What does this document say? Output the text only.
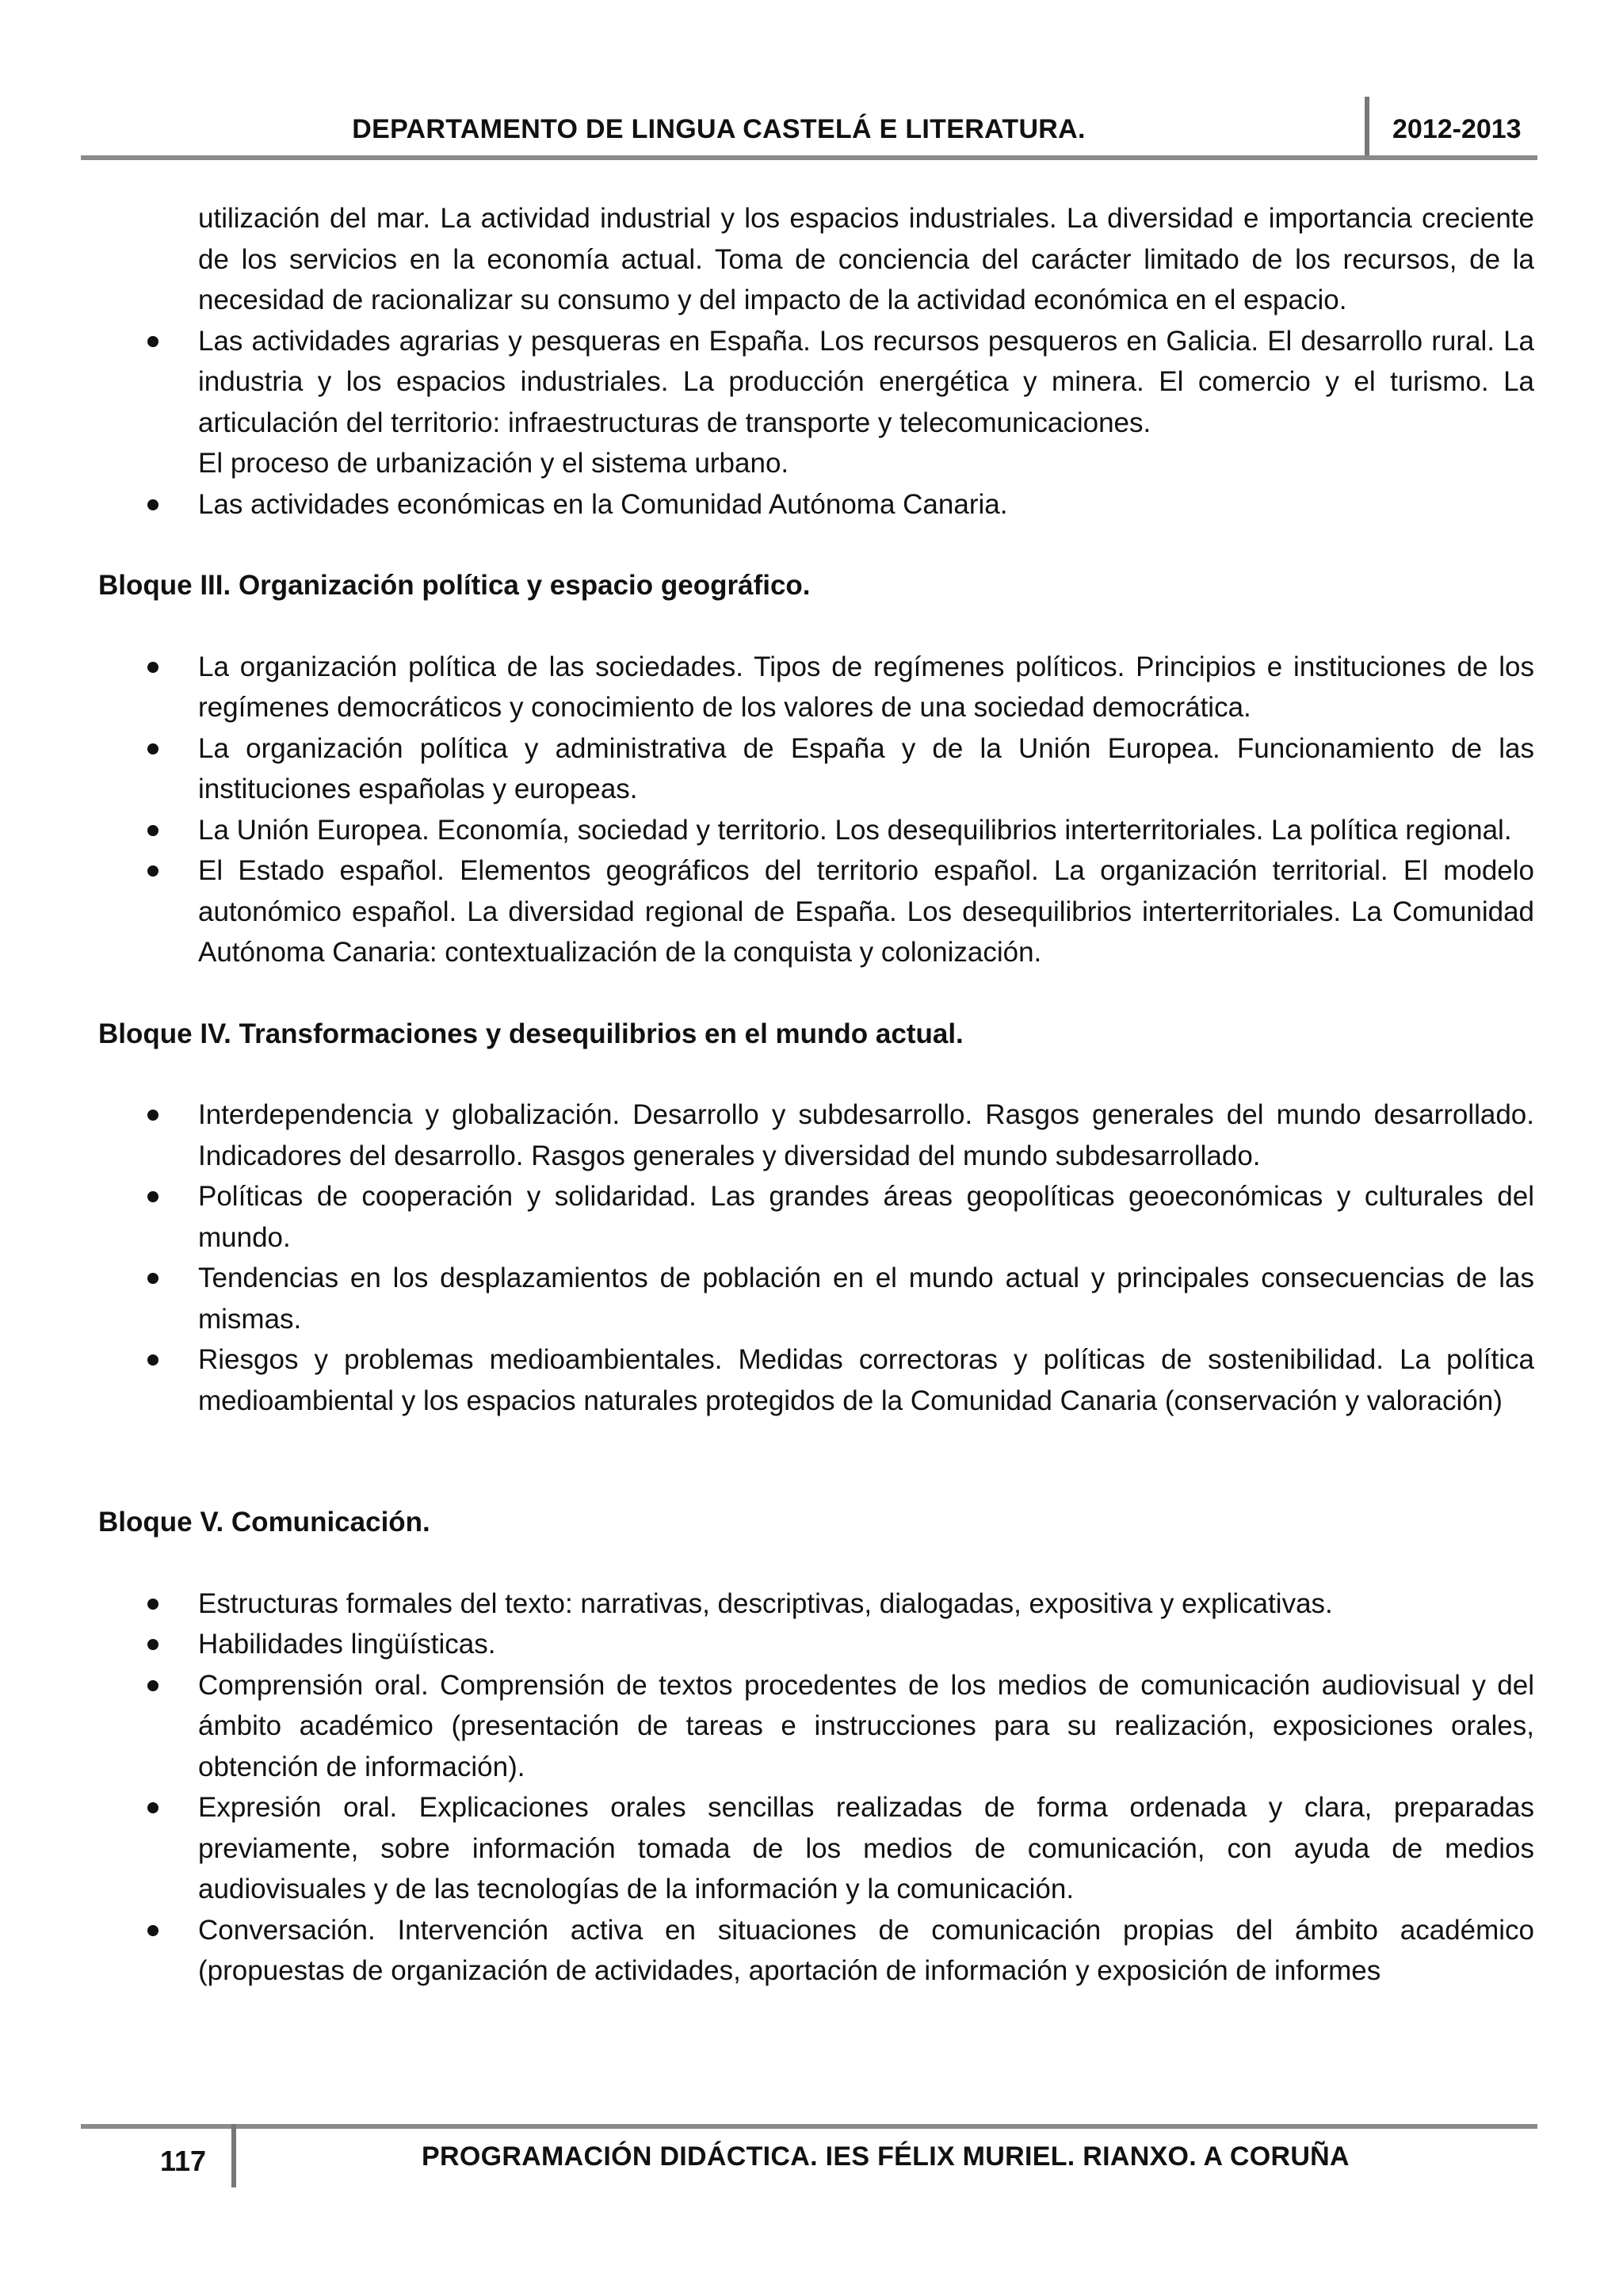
DEPARTAMENTO DE LINGUA CASTELÁ E LITERATURA.	2012-2013
utilización del mar. La actividad industrial y los espacios industriales. La diversidad e importancia creciente de los servicios en la economía actual. Toma de conciencia del carácter limitado de los recursos, de la necesidad de racionalizar su consumo y del impacto de la actividad económica en el espacio.
Las actividades agrarias y pesqueras en España. Los recursos pesqueros en Galicia. El desarrollo rural. La industria y los espacios industriales. La producción energética y minera. El comercio y el turismo. La articulación del territorio: infraestructuras de transporte y telecomunicaciones.
El proceso de urbanización y el sistema urbano.
Las actividades económicas en la Comunidad Autónoma Canaria.
Bloque III. Organización política y espacio geográfico.
La organización política de las sociedades. Tipos de regímenes políticos. Principios e instituciones de los regímenes democráticos y conocimiento de los valores de una sociedad democrática.
La organización política y administrativa de España y de la Unión Europea. Funcionamiento de las instituciones españolas y europeas.
La Unión Europea. Economía, sociedad y territorio. Los desequilibrios interterritoriales. La política regional.
El Estado español. Elementos geográficos del territorio español. La organización territorial. El modelo autonómico español. La diversidad regional de España. Los desequilibrios interterritoriales. La Comunidad Autónoma Canaria: contextualización de la conquista y colonización.
Bloque IV. Transformaciones y desequilibrios en el mundo actual.
Interdependencia y globalización. Desarrollo y subdesarrollo. Rasgos generales del mundo desarrollado. Indicadores del desarrollo. Rasgos generales y diversidad del mundo subdesarrollado.
Políticas de cooperación y solidaridad. Las grandes áreas geopolíticas geoeconómicas y culturales del mundo.
Tendencias en los desplazamientos de población en el mundo actual y principales consecuencias de las mismas.
Riesgos y problemas medioambientales. Medidas correctoras y políticas de sostenibilidad. La política medioambiental y los espacios naturales protegidos de la Comunidad Canaria (conservación y valoración)
Bloque V. Comunicación.
Estructuras formales del texto: narrativas, descriptivas, dialogadas, expositiva y explicativas.
Habilidades lingüísticas.
Comprensión oral. Comprensión de textos procedentes de los medios de comunicación audiovisual y del ámbito académico (presentación de tareas e instrucciones para su realización, exposiciones orales, obtención de información).
Expresión oral. Explicaciones orales sencillas realizadas de forma ordenada y clara, preparadas previamente, sobre información tomada de los medios de comunicación, con ayuda de medios audiovisuales y de las tecnologías de la información y la comunicación.
Conversación. Intervención activa en situaciones de comunicación propias del ámbito académico (propuestas de organización de actividades, aportación de información y exposición de informes
117	PROGRAMACIÓN DIDÁCTICA. IES FÉLIX MURIEL. RIANXO. A CORUÑA
